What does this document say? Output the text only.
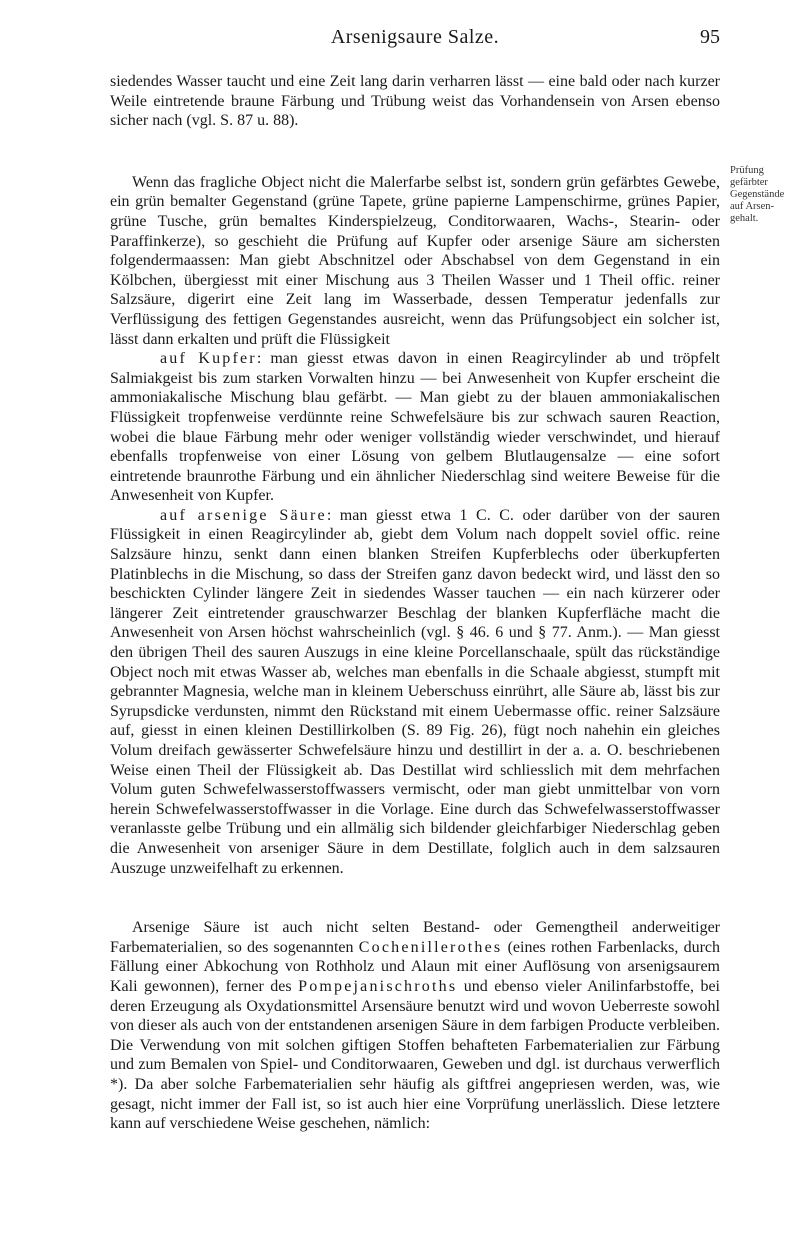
Arsenigsaure Salze.	95
Prüfung
gefärbter
Gegenstände
auf Arsen-
gehalt.

siedendes Wasser taucht und eine Zeit lang darin verharren lässt — eine bald oder nach kurzer Weile eintretende braune Färbung und Trübung weist das Vorhandensein von Arsen ebenso sicher nach (vgl. S. 87 u. 88).

Wenn das fragliche Object nicht die Malerfarbe selbst ist, sondern grün gefärbtes Gewebe, ein grün bemalter Gegenstand (grüne Tapete, grüne papierne Lampenschirme, grünes Papier, grüne Tusche, grün bemaltes Kinderspielzeug, Conditorwaaren, Wachs-, Stearin- oder Paraffinkerze), so geschieht die Prüfung auf Kupfer oder arsenige Säure am sichersten folgendermaassen: Man giebt Abschnitzel oder Abschabsel von dem Gegenstand in ein Kölbchen, übergiesst mit einer Mischung aus 3 Theilen Wasser und 1 Theil offic. reiner Salzsäure, digerirt eine Zeit lang im Wasserbade, dessen Temperatur jedenfalls zur Verflüssigung des fettigen Gegenstandes ausreicht, wenn das Prüfungsobject ein solcher ist, lässt dann erkalten und prüft die Flüssigkeit

auf Kupfer: man giesst etwas davon in einen Reagircylinder ab und tröpfelt Salmiakgeist bis zum starken Vorwalten hinzu — bei Anwesenheit von Kupfer erscheint die ammoniakalische Mischung blau gefärbt. — Man giebt zu der blauen ammoniakalischen Flüssigkeit tropfenweise verdünnte reine Schwefelsäure bis zur schwach sauren Reaction, wobei die blaue Färbung mehr oder weniger vollständig wieder verschwindet, und hierauf ebenfalls tropfenweise von einer Lösung von gelbem Blutlaugensalze — eine sofort eintretende braunrothe Färbung und ein ähnlicher Niederschlag sind weitere Beweise für die Anwesenheit von Kupfer.

auf arsenige Säure: man giesst etwa 1 C. C. oder darüber von der sauren Flüssigkeit in einen Reagircylinder ab, giebt dem Volum nach doppelt soviel offic. reine Salzsäure hinzu, senkt dann einen blanken Streifen Kupferblechs oder überkupferten Platinblechs in die Mischung, so dass der Streifen ganz davon bedeckt wird, und lässt den so beschickten Cylinder längere Zeit in siedendes Wasser tauchen — ein nach kürzerer oder längerer Zeit eintretender grauschwarzer Beschlag der blanken Kupferfläche macht die Anwesenheit von Arsen höchst wahrscheinlich (vgl. § 46. 6 und § 77. Anm.). — Man giesst den übrigen Theil des sauren Auszugs in eine kleine Porcellanschaale, spült das rückständige Object noch mit etwas Wasser ab, welches man ebenfalls in die Schaale abgiesst, stumpft mit gebrannter Magnesia, welche man in kleinem Ueberschuss einrührt, alle Säure ab, lässt bis zur Syrupsdicke verdunsten, nimmt den Rückstand mit einem Uebermasse offic. reiner Salzsäure auf, giesst in einen kleinen Destillirkolben (S. 89 Fig. 26), fügt noch nahehin ein gleiches Volum dreifach gewässerter Schwefelsäure hinzu und destillirt in der a. a. O. beschriebenen Weise einen Theil der Flüssigkeit ab. Das Destillat wird schliesslich mit dem mehrfachen Volum guten Schwefelwasserstoffwassers vermischt, oder man giebt unmittelbar von vorn herein Schwefelwasserstoffwasser in die Vorlage. Eine durch das Schwefelwasserstoffwasser veranlasste gelbe Trübung und ein allmälig sich bildender gleichfarbiger Niederschlag geben die Anwesenheit von arseniger Säure in dem Destillate, folglich auch in dem salzsauren Auszuge unzweifelhaft zu erkennen.

Arsenige Säure ist auch nicht selten Bestand- oder Gemengtheil anderweitiger Farbematerialien, so des sogenannten Cochenillerothes (eines rothen Farbenlacks, durch Fällung einer Abkochung von Rothholz und Alaun mit einer Auflösung von arsenigsaurem Kali gewonnen), ferner des Pompejanischroths und ebenso vieler Anilinfarbstoffe, bei deren Erzeugung als Oxydationsmittel Arsensäure benutzt wird und wovon Ueberreste sowohl von dieser als auch von der entstandenen arsenigen Säure in dem farbigen Producte verbleiben. Die Verwendung von mit solchen giftigen Stoffen behafteten Farbematerialien zur Färbung und zum Bemalen von Spiel- und Conditorwaaren, Geweben und dgl. ist durchaus verwerflich *). Da aber solche Farbematerialien sehr häufig als giftfrei angepriesen werden, was, wie gesagt, nicht immer der Fall ist, so ist auch hier eine Vorprüfung unerlässlich. Diese letztere kann auf verschiedene Weise geschehen, nämlich:
